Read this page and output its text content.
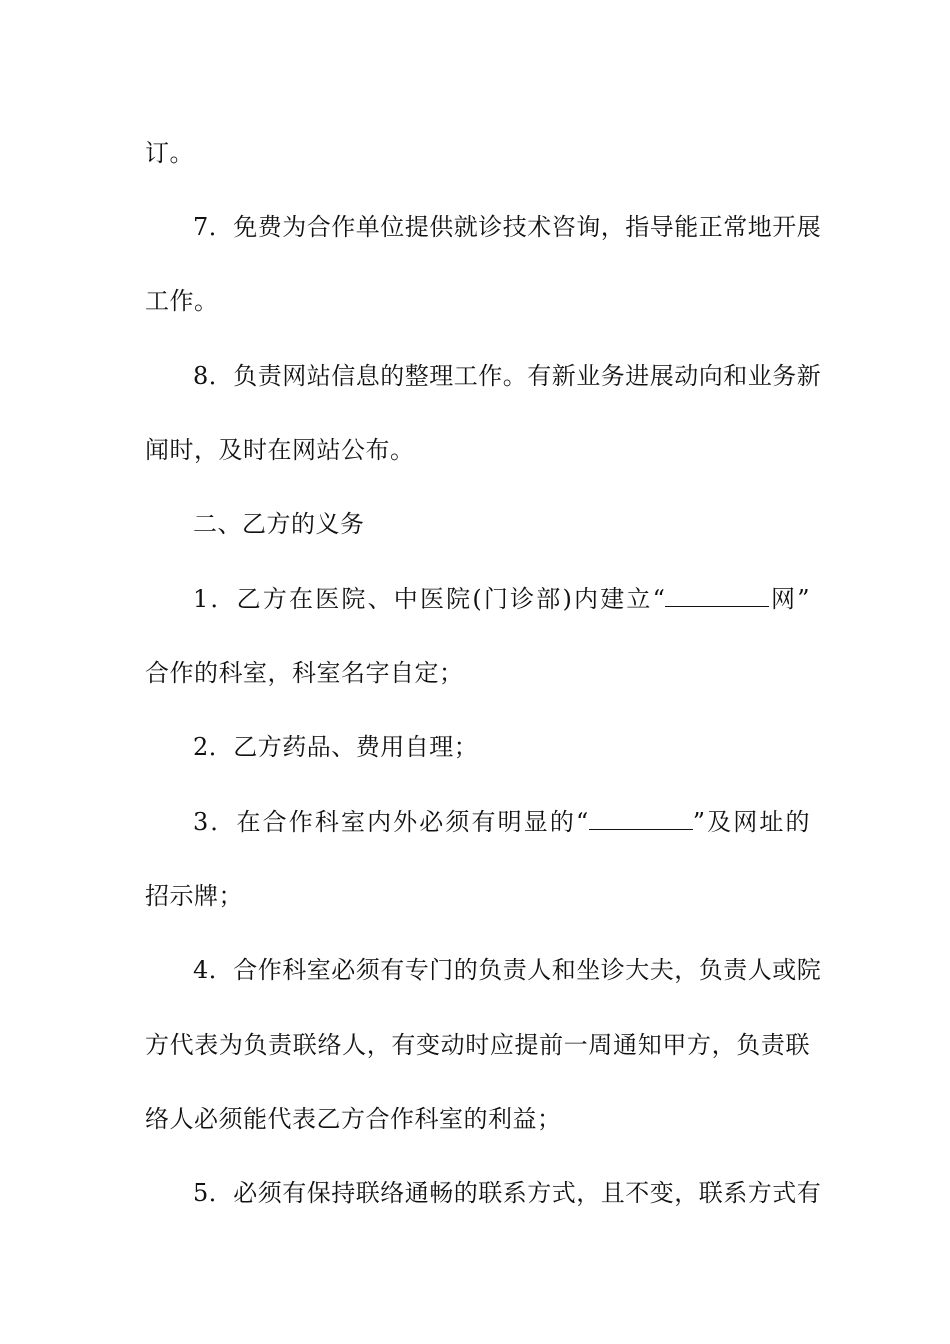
订。
7．免费为合作单位提供就诊技术咨询，指导能正常地开展
工作。
8．负责网站信息的整理工作。有新业务进展动向和业务新
闻时，及时在网站公布。
二、乙方的义务
1．乙方在医院、中医院(门诊部)内建立“	网”
合作的科室，科室名字自定；
2．乙方药品、费用自理；
3．在合作科室内外必须有明显的“	”及网址的
招示牌；
4．合作科室必须有专门的负责人和坐诊大夫，负责人或院
方代表为负责联络人，有变动时应提前一周通知甲方，负责联
络人必须能代表乙方合作科室的利益；
5．必须有保持联络通畅的联系方式，且不变，联系方式有
